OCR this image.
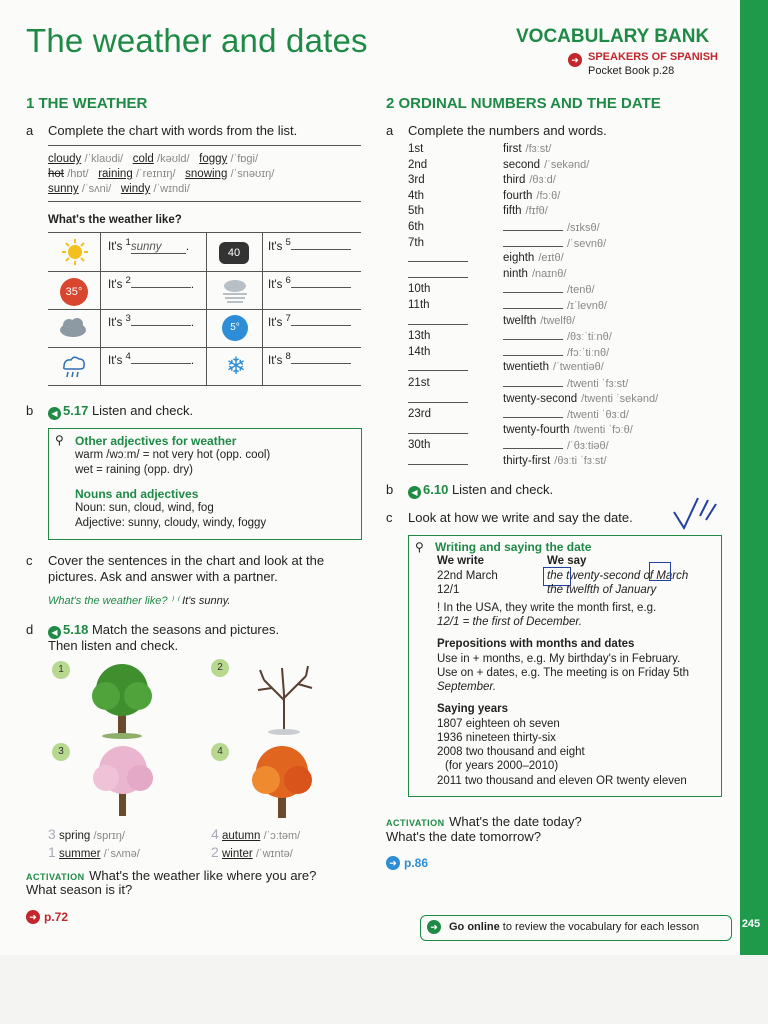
The weather and dates	VOCABULARY BANK
➜ SPEAKERS OF SPANISH
Pocket Book p.28
1 THE WEATHER
a Complete the chart with words from the list.
cloudy /ˈklaʊdi/ cold /kəʊld/ foggy /ˈfɒɡi/
hot /hɒt/ raining /ˈreɪnɪŋ/ snowing /ˈsnəʊɪŋ/
sunny /ˈsʌni/ windy /ˈwɪndi/
What's the weather like?
35°
40
5°
❄
It's $^1$sunny .	It's $^5$
It's $^2$	.	It's $^6$
It's $^3$	.	It's $^7$
It's $^4$	.	It's $^8$
b	◀ 5.17 Listen and check.
⚲ Other adjectives for weather
warm /wɔːm/ = not very hot (opp. cool)
wet = raining (opp. dry)
Nouns and adjectives
Noun: sun, cloud, wind, fog
Adjective: sunny, cloudy, windy, foggy
c Cover the sentences in the chart and look at the
pictures. Ask and answer with a partner.
What's the weather like? ⁾ ⁽ It's sunny.
d	◀ 5.18 Match the seasons and pictures.
Then listen and check.
1	2
3	4
3 spring /sprɪŋ/
1 summer /ˈsʌmə/
4 autumn /ˈɔːtəm/
2 winter /ˈwɪntə/
ACTIVATION What's the weather like where you are?
What season is it?
➜ p.72
2 ORDINAL NUMBERS AND THE DATE
a Complete the numbers and words.
1st	first /fɜːst/
2nd	second /ˈsekənd/
3rd	third /θɜːd/
4th	fourth /fɔːθ/
5th	fifth /fɪfθ/
6th	/sɪksθ/
7th	/ˈsevnθ/
eighth /eɪtθ/
ninth /naɪnθ/
10th	/tenθ/
11th	/ɪˈlevnθ/
twelfth /twelfθ/
13th	/θɜːˈtiːnθ/
14th	/fɔːˈtiːnθ/
twentieth /ˈtwentiəθ/
21st	/twenti ˈfɜːst/
twenty-second /twenti ˈsekənd/
23rd	/twenti ˈθɜːd/
twenty-fourth /twenti ˈfɔːθ/
30th	/ˈθɜːtiəθ/
thirty-first /θɜːti ˈfɜːst/
b	◀ 6.10 Listen and check.
c Look at how we write and say the date.
⚲ Writing and saying the date
We write	We say
22nd March	the twenty-second of March
12/1	the twelfth of January
! In the USA, they write the month first, e.g.
12/1 = the first of December.
Prepositions with months and dates
Use in + months, e.g. My birthday's in February.
Use on + dates, e.g. The meeting is on Friday 5th
September.
Saying years
1807 eighteen oh seven
1936 nineteen thirty-six
2008 two thousand and eight
(for years 2000–2010)
2011 two thousand and eleven OR twenty eleven
ACTIVATION What's the date today?
What's the date tomorrow?
➜ p.86
➜ Go online to review the vocabulary for each lesson	245
